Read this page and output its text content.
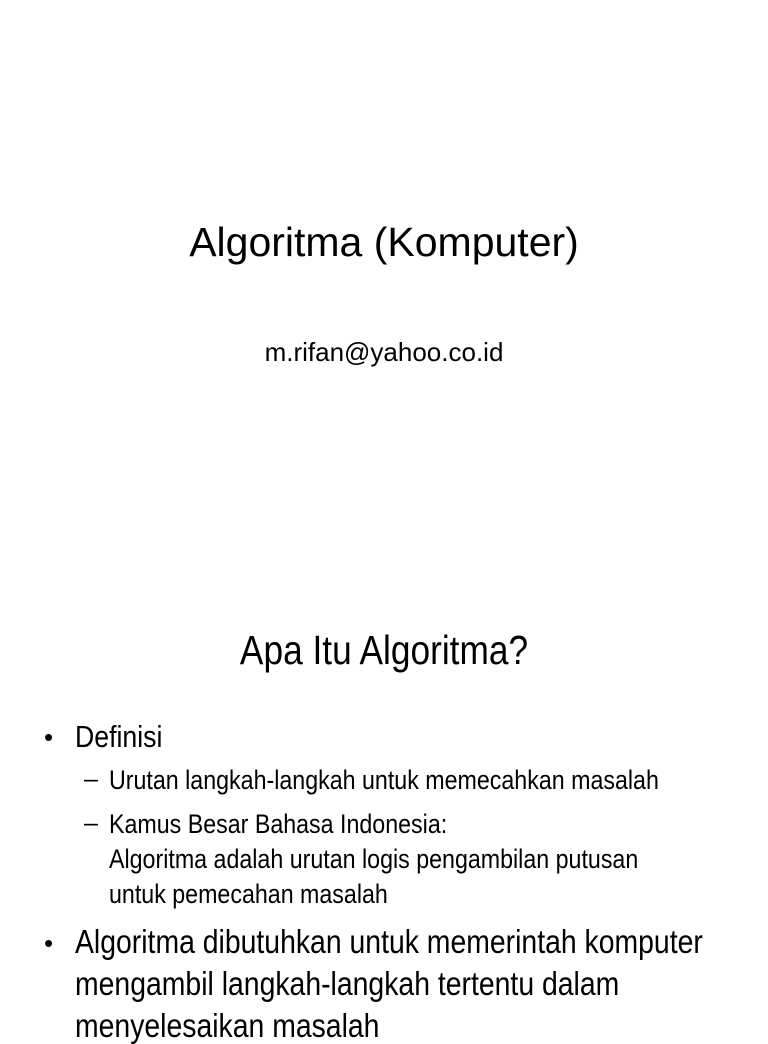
Algoritma (Komputer)
m.rifan@yahoo.co.id
Apa Itu Algoritma?
• Definisi
– Urutan langkah-langkah untuk memecahkan masalah
– Kamus Besar Bahasa Indonesia:
Algoritma adalah urutan logis pengambilan putusan
untuk pemecahan masalah
• Algoritma dibutuhkan untuk memerintah komputer
mengambil langkah-langkah tertentu dalam
menyelesaikan masalah
